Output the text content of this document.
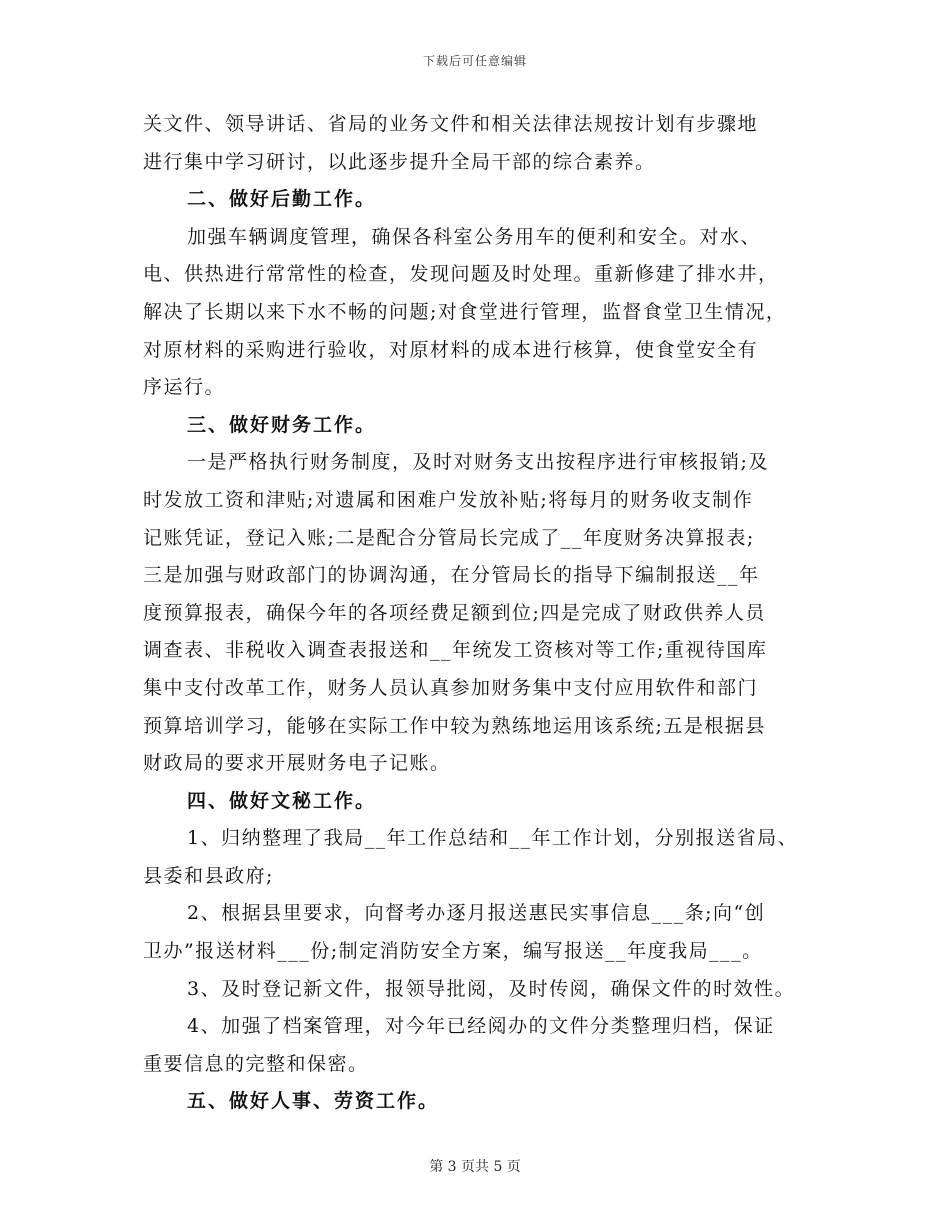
下载后可任意编辑
关文件、领导讲话、省局的业务文件和相关法律法规按计划有步骤地
进行集中学习研讨，以此逐步提升全局干部的综合素养。
二、做好后勤工作。
加强车辆调度管理，确保各科室公务用车的便利和安全。对水、
电、供热进行常常性的检查，发现问题及时处理。重新修建了排水井，
解决了长期以来下水不畅的问题;对食堂进行管理，监督食堂卫生情况，
对原材料的采购进行验收，对原材料的成本进行核算，使食堂安全有
序运行。
三、做好财务工作。
一是严格执行财务制度，及时对财务支出按程序进行审核报销;及
时发放工资和津贴;对遗属和困难户发放补贴;将每月的财务收支制作
记账凭证，登记入账;二是配合分管局长完成了__年度财务决算报表;
三是加强与财政部门的协调沟通，在分管局长的指导下编制报送__年
度预算报表，确保今年的各项经费足额到位;四是完成了财政供养人员
调查表、非税收入调查表报送和__年统发工资核对等工作;重视待国库
集中支付改革工作，财务人员认真参加财务集中支付应用软件和部门
预算培训学习，能够在实际工作中较为熟练地运用该系统;五是根据县
财政局的要求开展财务电子记账。
四、做好文秘工作。
1、归纳整理了我局__年工作总结和__年工作计划，分别报送省局、
县委和县政府;
2、根据县里要求，向督考办逐月报送惠民实事信息___条;向“创
卫办”报送材料___份;制定消防安全方案，编写报送__年度我局___。
3、及时登记新文件，报领导批阅，及时传阅，确保文件的时效性。
4、加强了档案管理，对今年已经阅办的文件分类整理归档，保证
重要信息的完整和保密。
五、做好人事、劳资工作。
第 3 页共 5 页
